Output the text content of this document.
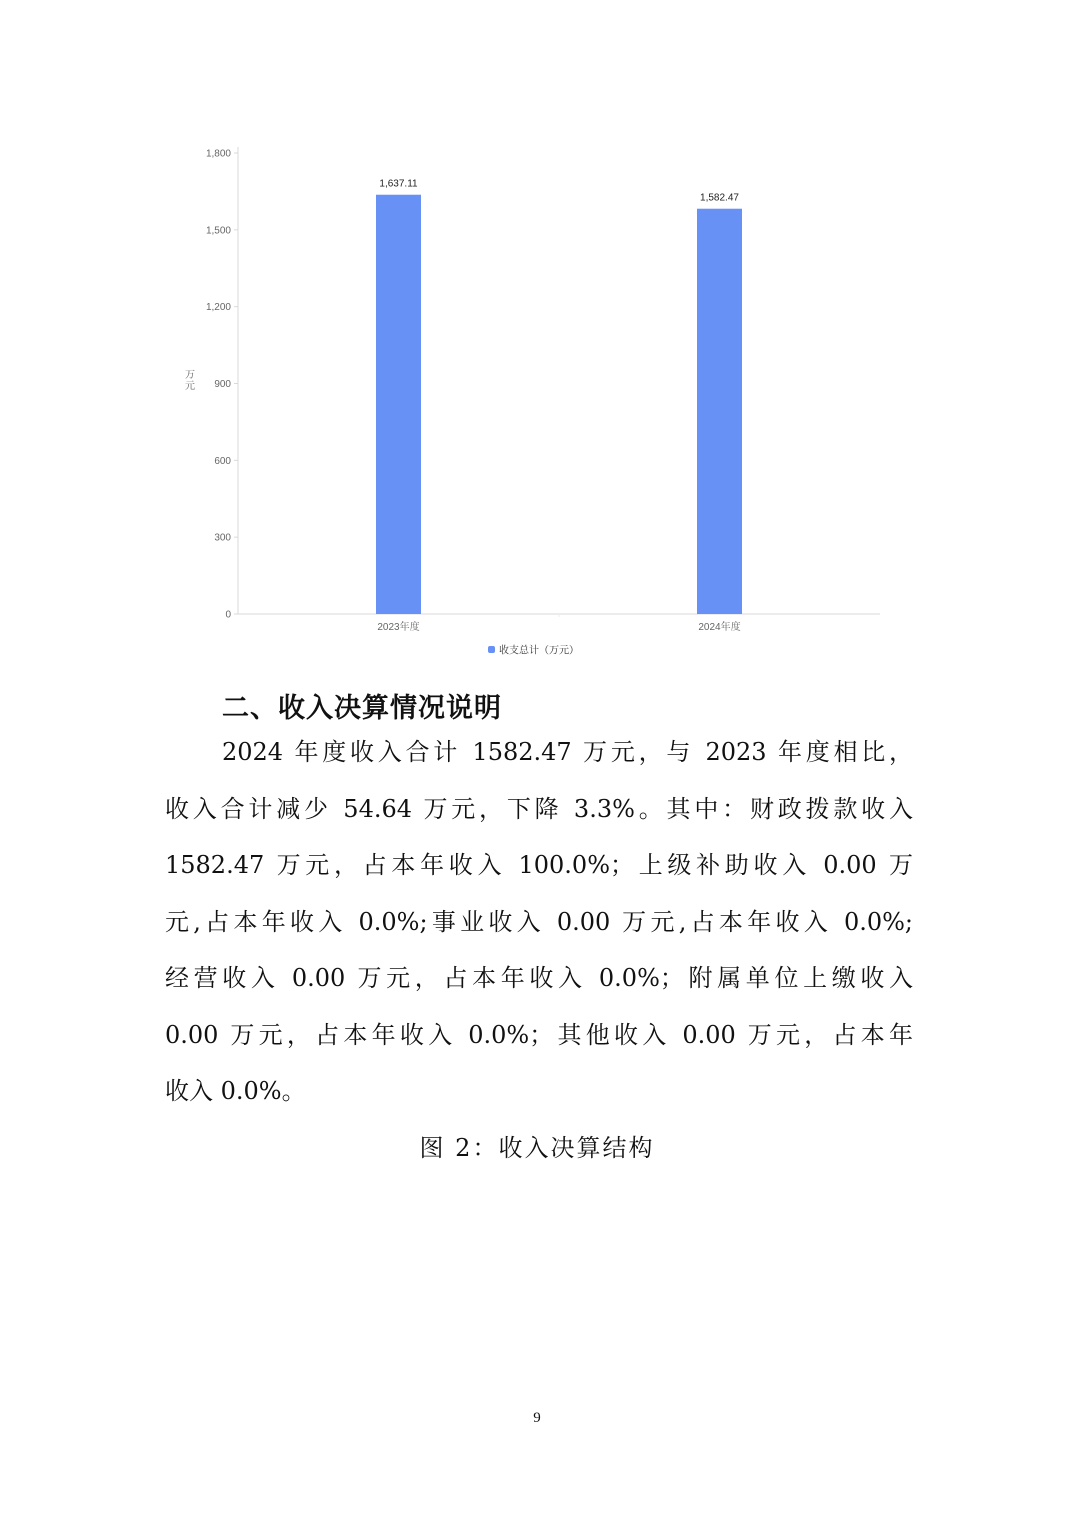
0
300
600
900
1,200
1,500
1,800
万元
1,637.11
2023年度
1,582.47
2024年度
收支总计（万元）
二、收入决算情况说明
2024 年度收入合计 1582.47 万元，与 2023 年度相比，
收入合计减少 54.64 万元，下降 3.3%。其中：财政拨款收入
1582.47 万元，占本年收入 100.0%；上级补助收入 0.00 万
元,占本年收入 0.0%;事业收入 0.00 万元,占本年收入 0.0%;
经营收入 0.00 万元，占本年收入 0.0%；附属单位上缴收入
0.00 万元，占本年收入 0.0%；其他收入 0.00 万元，占本年
收入 0.0%。
图 2：收入决算结构
9
